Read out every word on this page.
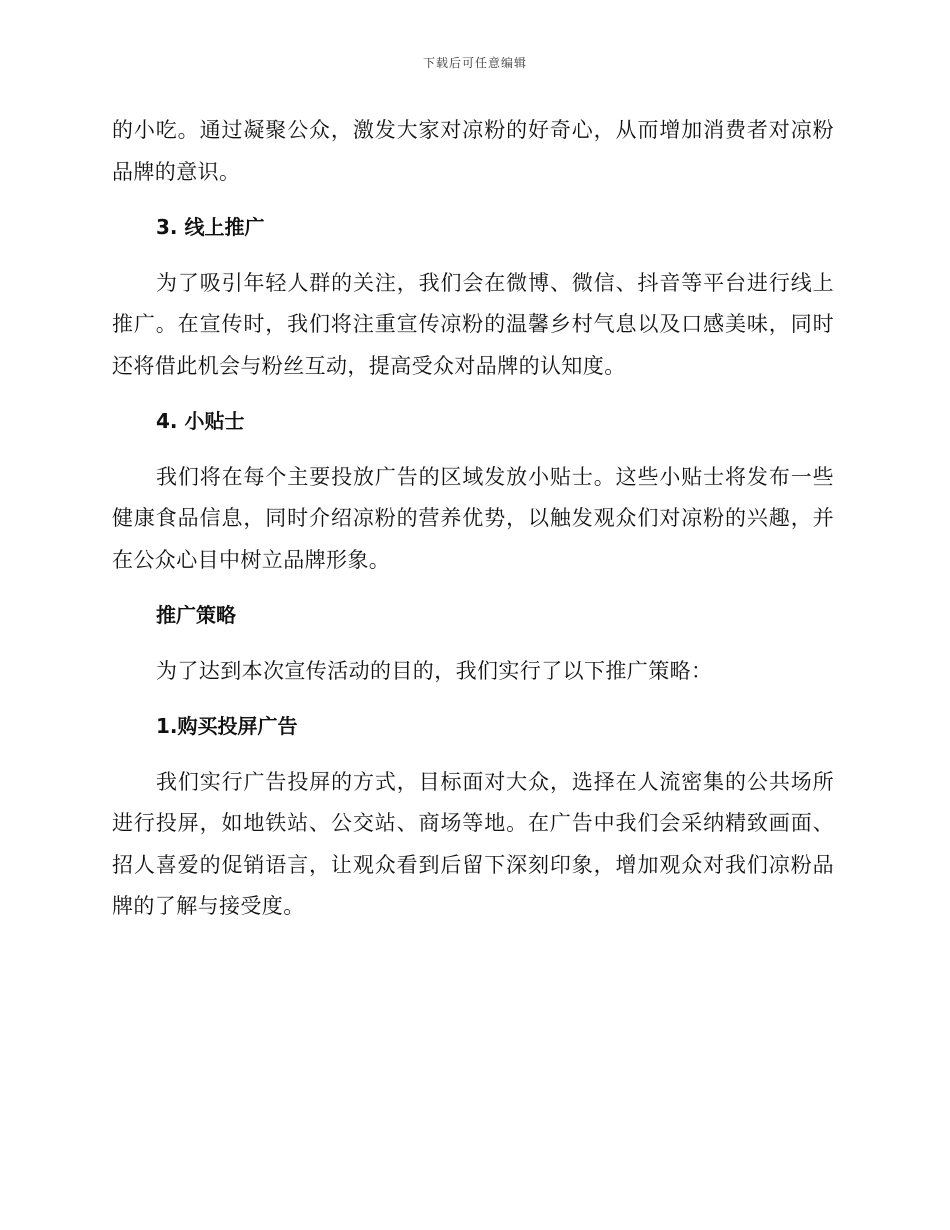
下载后可任意编辑

的小吃。通过凝聚公众，激发大家对凉粉的好奇心，从而增加消费者对凉粉品牌的意识。

3. 线上推广

为了吸引年轻人群的关注，我们会在微博、微信、抖音等平台进行线上推广。在宣传时，我们将注重宣传凉粉的温馨乡村气息以及口感美味，同时还将借此机会与粉丝互动，提高受众对品牌的认知度。

4. 小贴士

我们将在每个主要投放广告的区域发放小贴士。这些小贴士将发布一些健康食品信息，同时介绍凉粉的营养优势，以触发观众们对凉粉的兴趣，并在公众心目中树立品牌形象。

推广策略

为了达到本次宣传活动的目的，我们实行了以下推广策略：

1.购买投屏广告

我们实行广告投屏的方式，目标面对大众，选择在人流密集的公共场所进行投屏，如地铁站、公交站、商场等地。在广告中我们会采纳精致画面、招人喜爱的促销语言，让观众看到后留下深刻印象，增加观众对我们凉粉品牌的了解与接受度。
